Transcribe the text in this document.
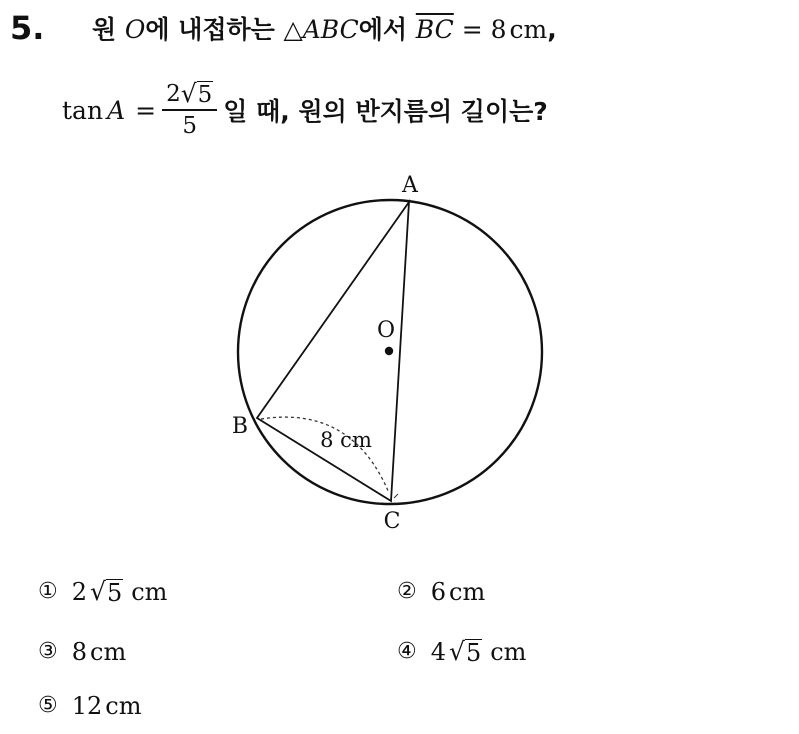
5. 원 O에 내접하는 △ABC에서 $\overline{BC} = 8$ cm,
$\tan A = \frac{2 √ 5}{5}$ 일 때, 원의 반지름의 길이는?
A
B
C
O
8 cm
① 2 √ 5 cm	② 6 cm
③ 8 cm	④ 4 √ 5 cm
⑤ 12 cm
